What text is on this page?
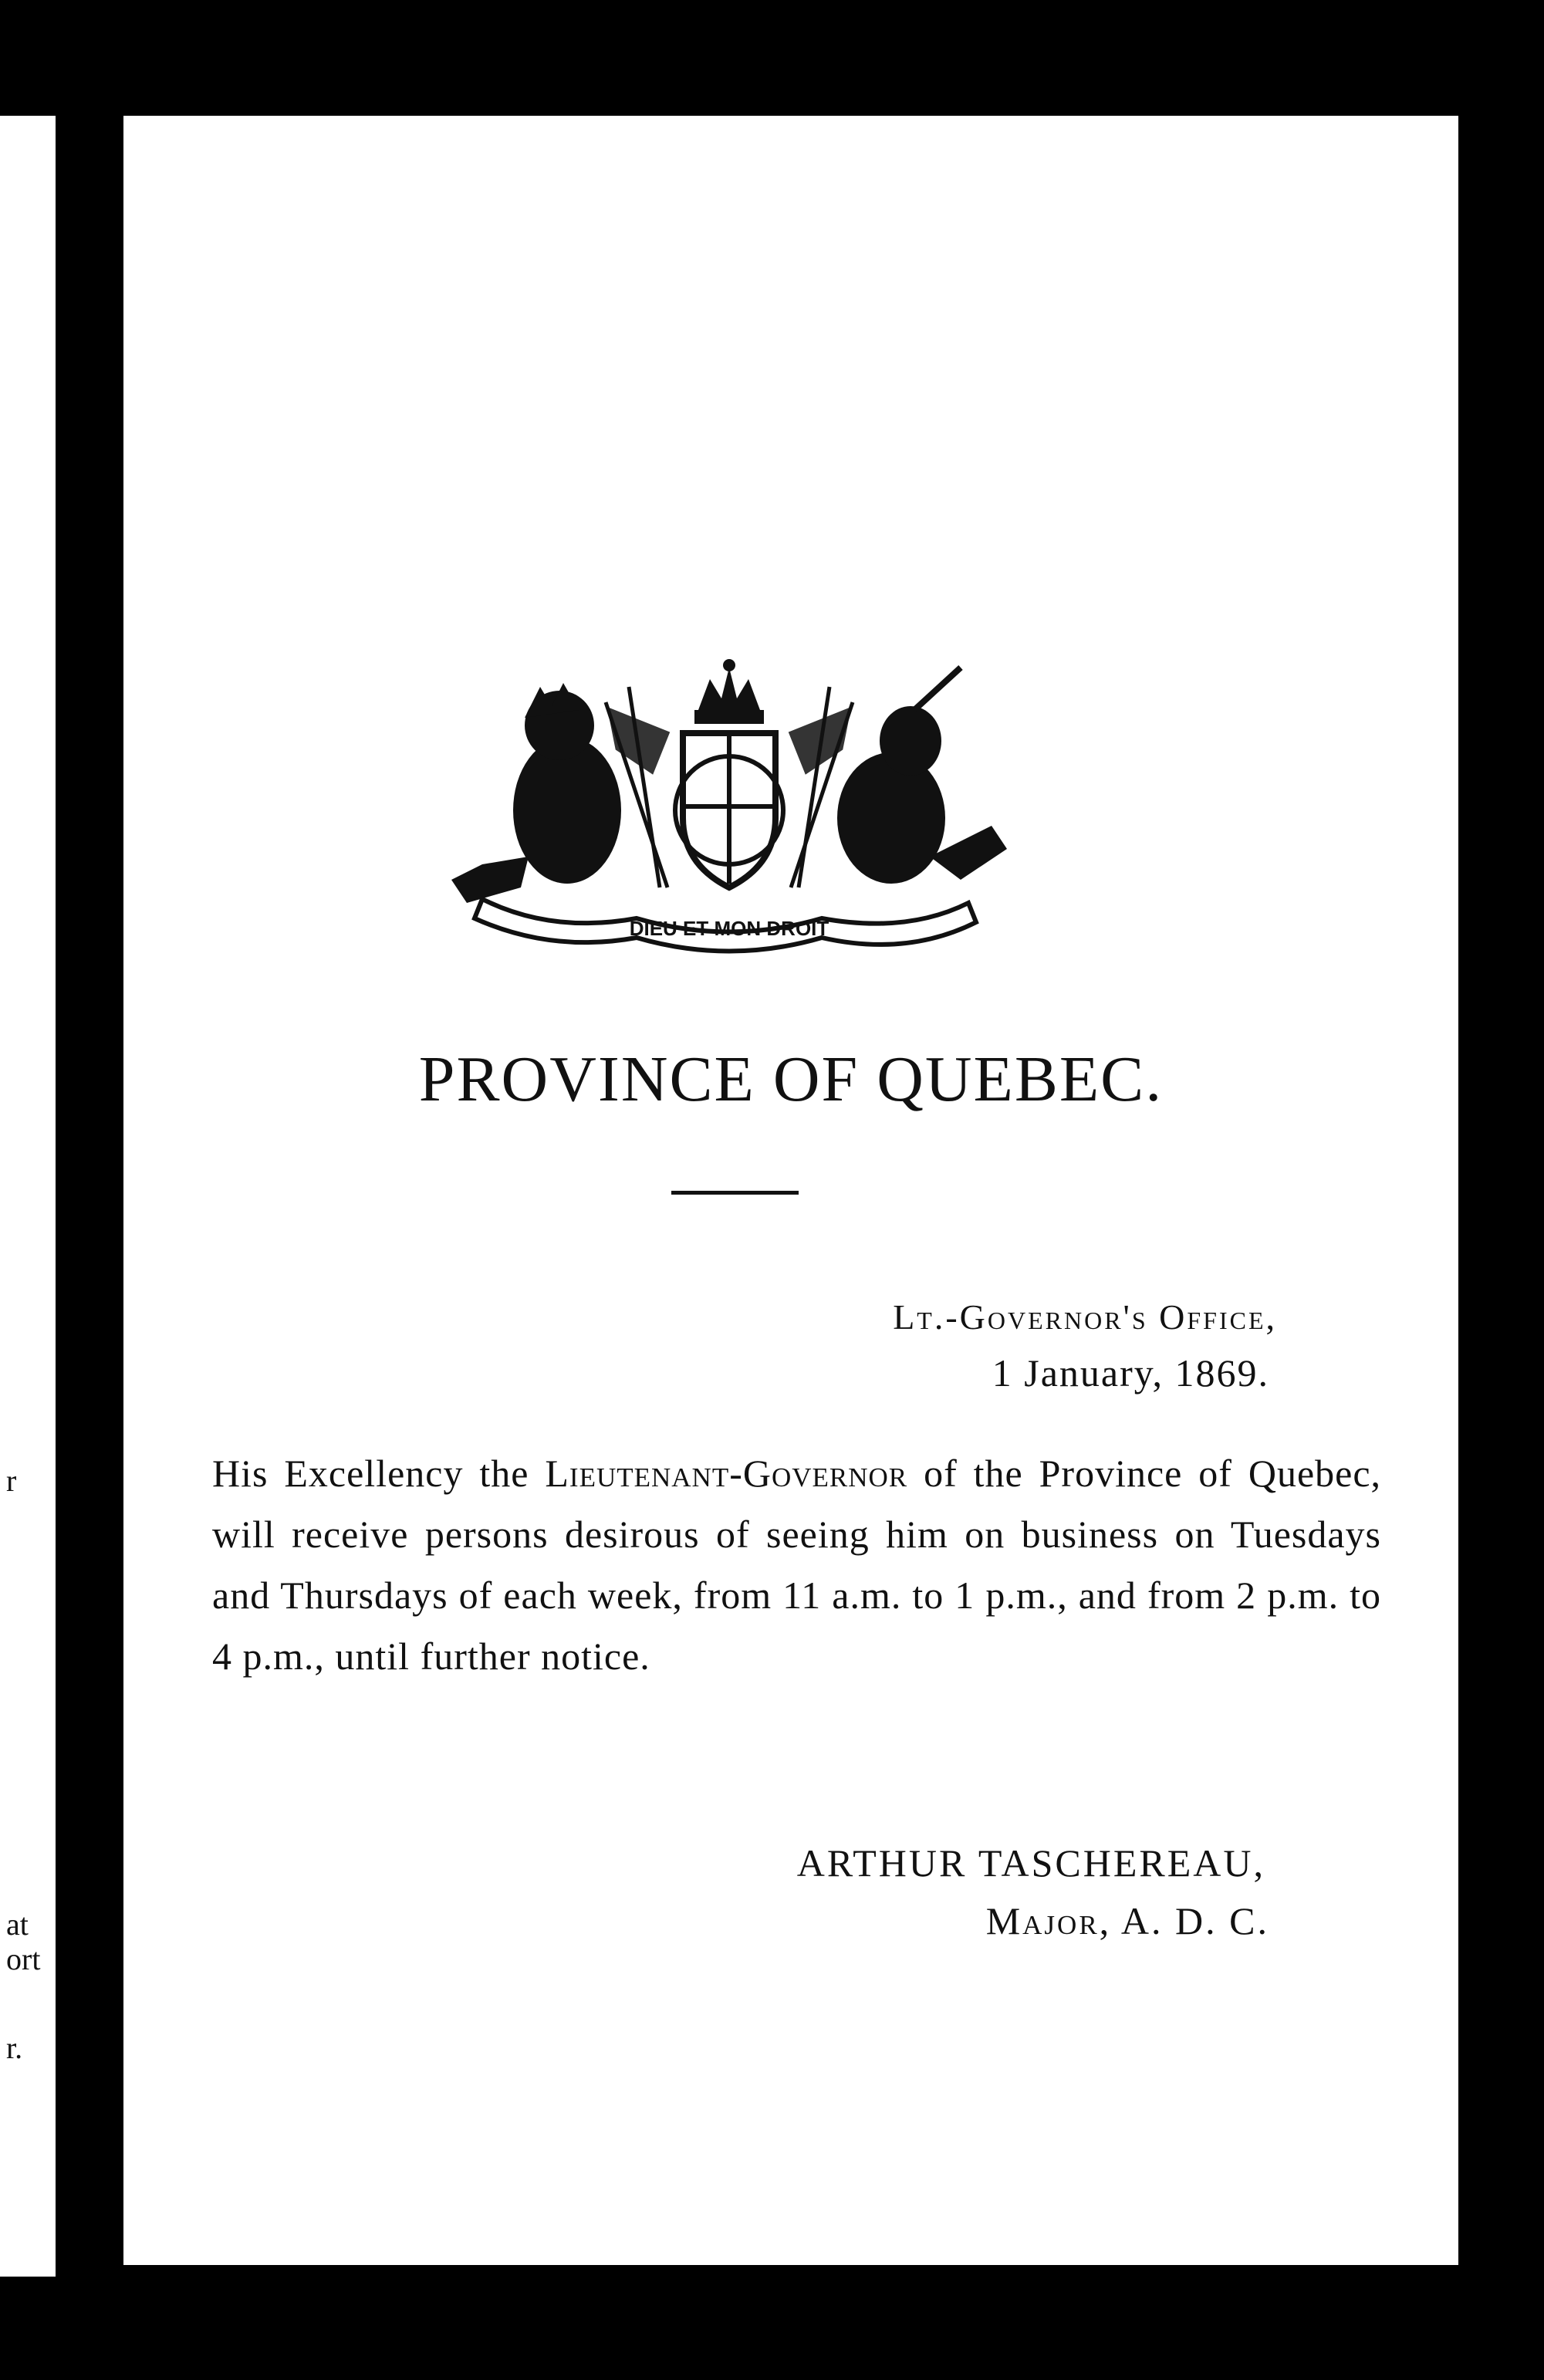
r
at
ort
r.
DIEU ET MON DROIT
PROVINCE OF QUEBEC.
Lt.-Governor's Office,
1 January, 1869.
His Excellency the Lieutenant-Governor of the Province of Quebec, will receive persons desirous of seeing him on business on Tuesdays and Thursdays of each week, from 11 a.m. to 1 p.m., and from 2 p.m. to 4 p.m., until further notice.
ARTHUR TASCHEREAU,
Major, A. D. C.
